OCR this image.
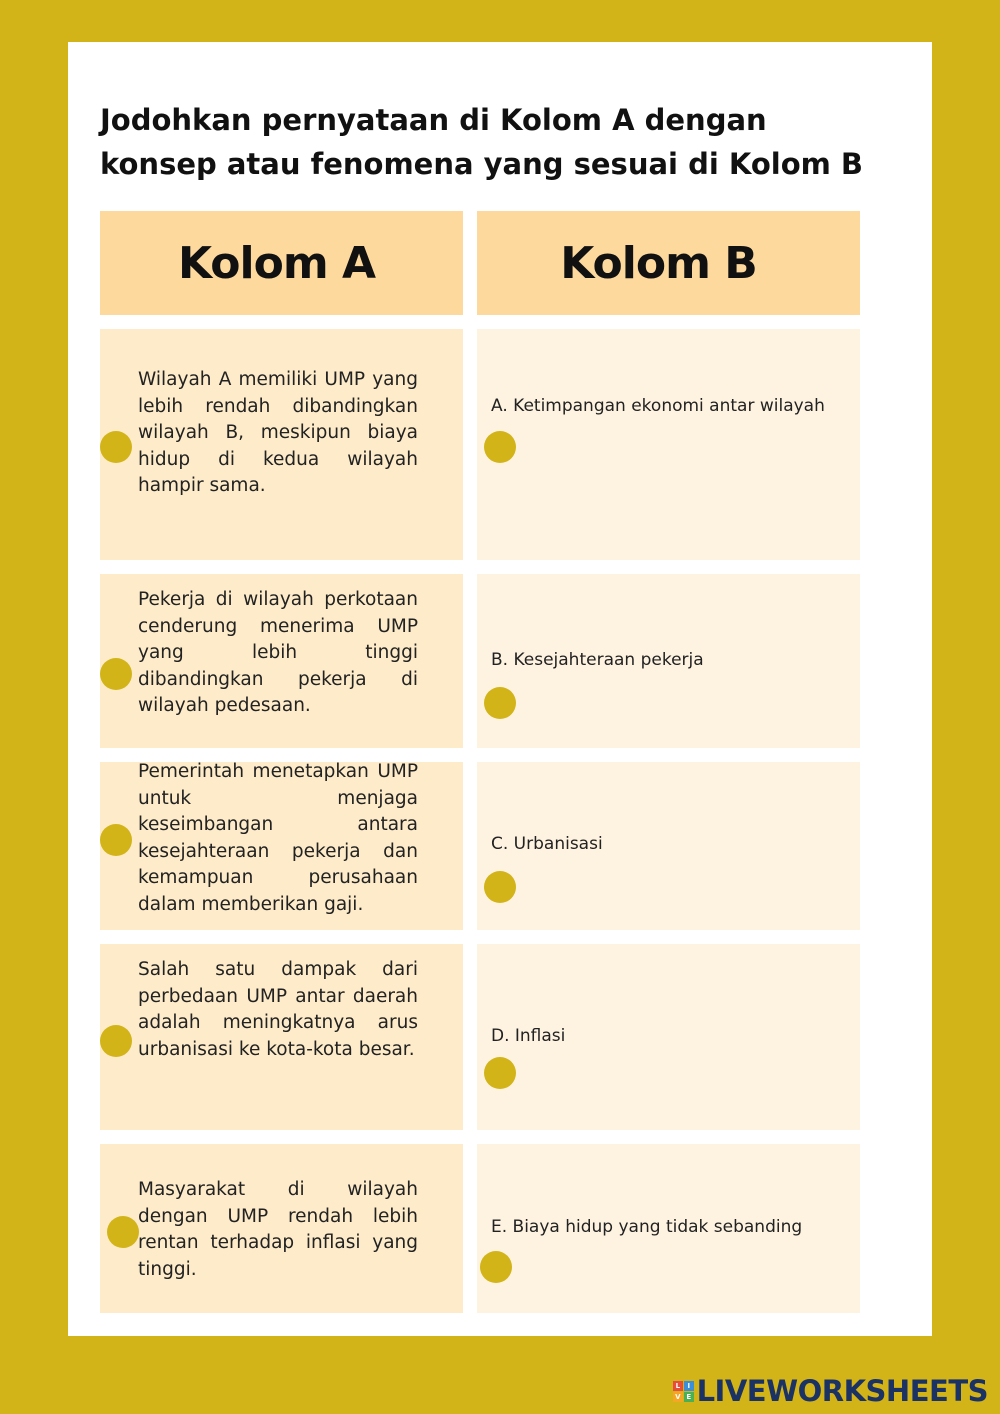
Jodohkan pernyataan di Kolom A dengan konsep atau fenomena yang sesuai di Kolom B
Kolom A	Kolom B
Wilayah A memiliki UMP yang lebih rendah dibandingkan wilayah B, meskipun biaya hidup di kedua wilayah hampir sama.
A. Ketimpangan ekonomi antar wilayah
Pekerja di wilayah perkotaan cenderung menerima UMP yang lebih tinggi dibandingkan pekerja di wilayah pedesaan.
B. Kesejahteraan pekerja
Pemerintah menetapkan UMP untuk menjaga keseimbangan antara kesejahteraan pekerja dan kemampuan perusahaan dalam memberikan gaji.
C. Urbanisasi
Salah satu dampak dari perbedaan UMP antar daerah adalah meningkatnya arus urbanisasi ke kota-kota besar.
D. Inflasi
Masyarakat di wilayah dengan UMP rendah lebih rentan terhadap inflasi yang tinggi.
E. Biaya hidup yang tidak sebanding
L	I
V E LIVEWORKSHEETS
